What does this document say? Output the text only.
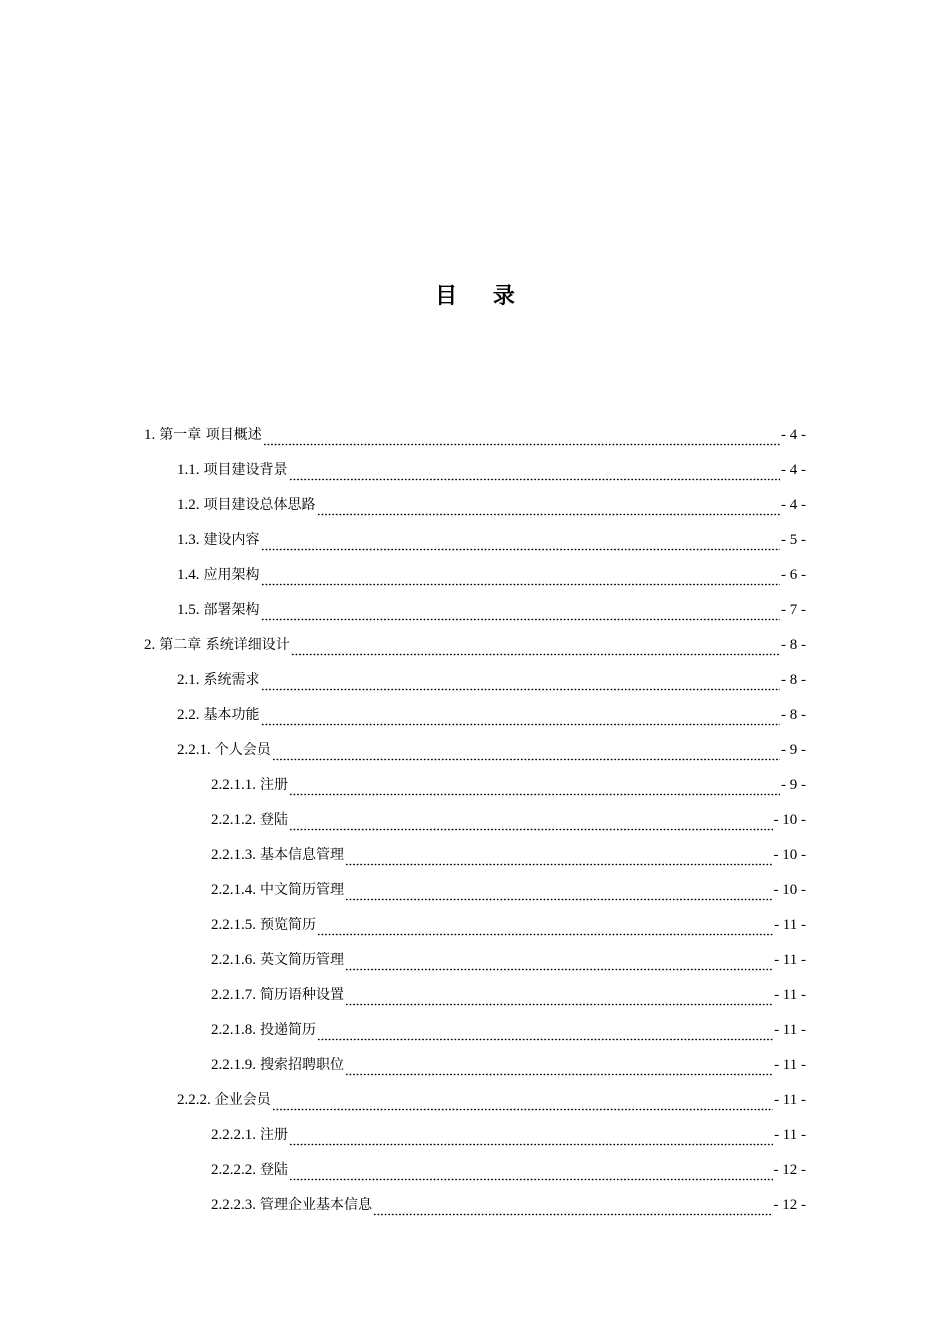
目 录
1. 第一章 项目概述	- 4 -
1.1. 项目建设背景	- 4 -
1.2. 项目建设总体思路	- 4 -
1.3. 建设内容	- 5 -
1.4. 应用架构	- 6 -
1.5. 部署架构	- 7 -
2. 第二章 系统详细设计	- 8 -
2.1. 系统需求	- 8 -
2.2. 基本功能	- 8 -
2.2.1. 个人会员	- 9 -
2.2.1.1. 注册	- 9 -
2.2.1.2. 登陆	- 10 -
2.2.1.3. 基本信息管理	- 10 -
2.2.1.4. 中文简历管理	- 10 -
2.2.1.5. 预览简历	- 11 -
2.2.1.6. 英文简历管理	- 11 -
2.2.1.7. 简历语种设置	- 11 -
2.2.1.8. 投递简历	- 11 -
2.2.1.9. 搜索招聘职位	- 11 -
2.2.2. 企业会员	- 11 -
2.2.2.1. 注册	- 11 -
2.2.2.2. 登陆	- 12 -
2.2.2.3. 管理企业基本信息	- 12 -
